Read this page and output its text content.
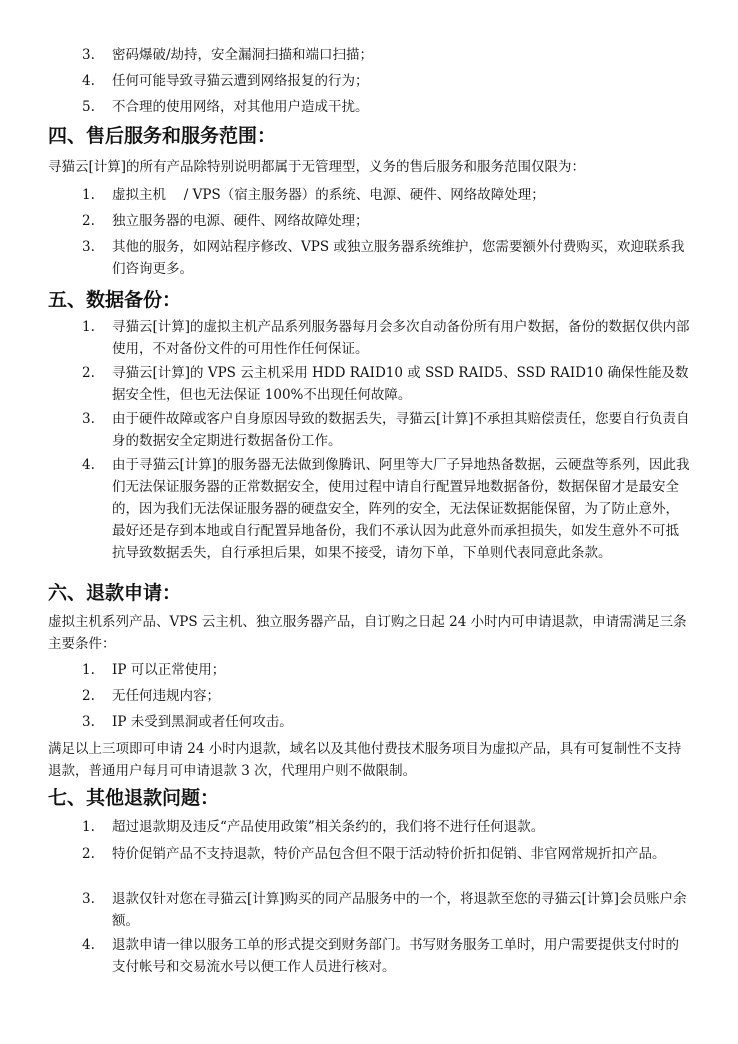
3.	密码爆破/劫持，安全漏洞扫描和端口扫描；
4.	任何可能导致寻猫云遭到网络报复的行为；
5.	不合理的使用网络，对其他用户造成干扰。
四、售后服务和服务范围：

寻猫云[计算]的所有产品除特别说明都属于无管理型，义务的售后服务和服务范围仅限为：

1.	虚拟主机 　/ VPS（宿主服务器）的系统、电源、硬件、网络故障处理；
2.	独立服务器的电源、硬件、网络故障处理；
3.	其他的服务，如网站程序修改、VPS 或独立服务器系统维护，您需要额外付费购买，欢迎联系我们咨询更多。
五、数据备份：
1.	寻猫云[计算]的虚拟主机产品系列服务器每月会多次自动备份所有用户数据，备份的数据仅供内部使用，不对备份文件的可用性作任何保证。
2.	寻猫云[计算]的 VPS 云主机采用 HDD RAID10 或 SSD RAID5、SSD RAID10 确保性能及数据安全性，但也无法保证 100%不出现任何故障。
3.	由于硬件故障或客户自身原因导致的数据丢失，寻猫云[计算]不承担其赔偿责任，您要自行负责自身的数据安全定期进行数据备份工作。
4.	由于寻猫云[计算]的服务器无法做到像腾讯、阿里等大厂子异地热备数据，云硬盘等系列，因此我们无法保证服务器的正常数据安全，使用过程中请自行配置异地数据备份，数据保留才是最安全的，因为我们无法保证服务器的硬盘安全，阵列的安全，无法保证数据能保留，为了防止意外，最好还是存到本地或自行配置异地备份，我们不承认因为此意外而承担损失，如发生意外不可抵抗导致数据丢失，自行承担后果，如果不接受，请勿下单，下单则代表同意此条款。
六、退款申请：

虚拟主机系列产品、VPS 云主机、独立服务器产品，自订购之日起 24 小时内可申请退款，申请需满足三条主要条件：

1.	IP 可以正常使用；
2.	无任何违规内容；
3.	IP 未受到黑洞或者任何攻击。

满足以上三项即可申请 24 小时内退款，域名以及其他付费技术服务项目为虚拟产品，具有可复制性不支持退款，普通用户每月可申请退款 3 次，代理用户则不做限制。

七、其他退款问题：
1.	超过退款期及违反“产品使用政策”相关条约的，我们将不进行任何退款。
2.	特价促销产品不支持退款，特价产品包含但不限于活动特价折扣促销、非官网常规折扣产品。
3.	退款仅针对您在寻猫云[计算]购买的同产品服务中的一个，将退款至您的寻猫云[计算]会员账户余额。
4.	退款申请一律以服务工单的形式提交到财务部门。书写财务服务工单时，用户需要提供支付时的支付帐号和交易流水号以便工作人员进行核对。
